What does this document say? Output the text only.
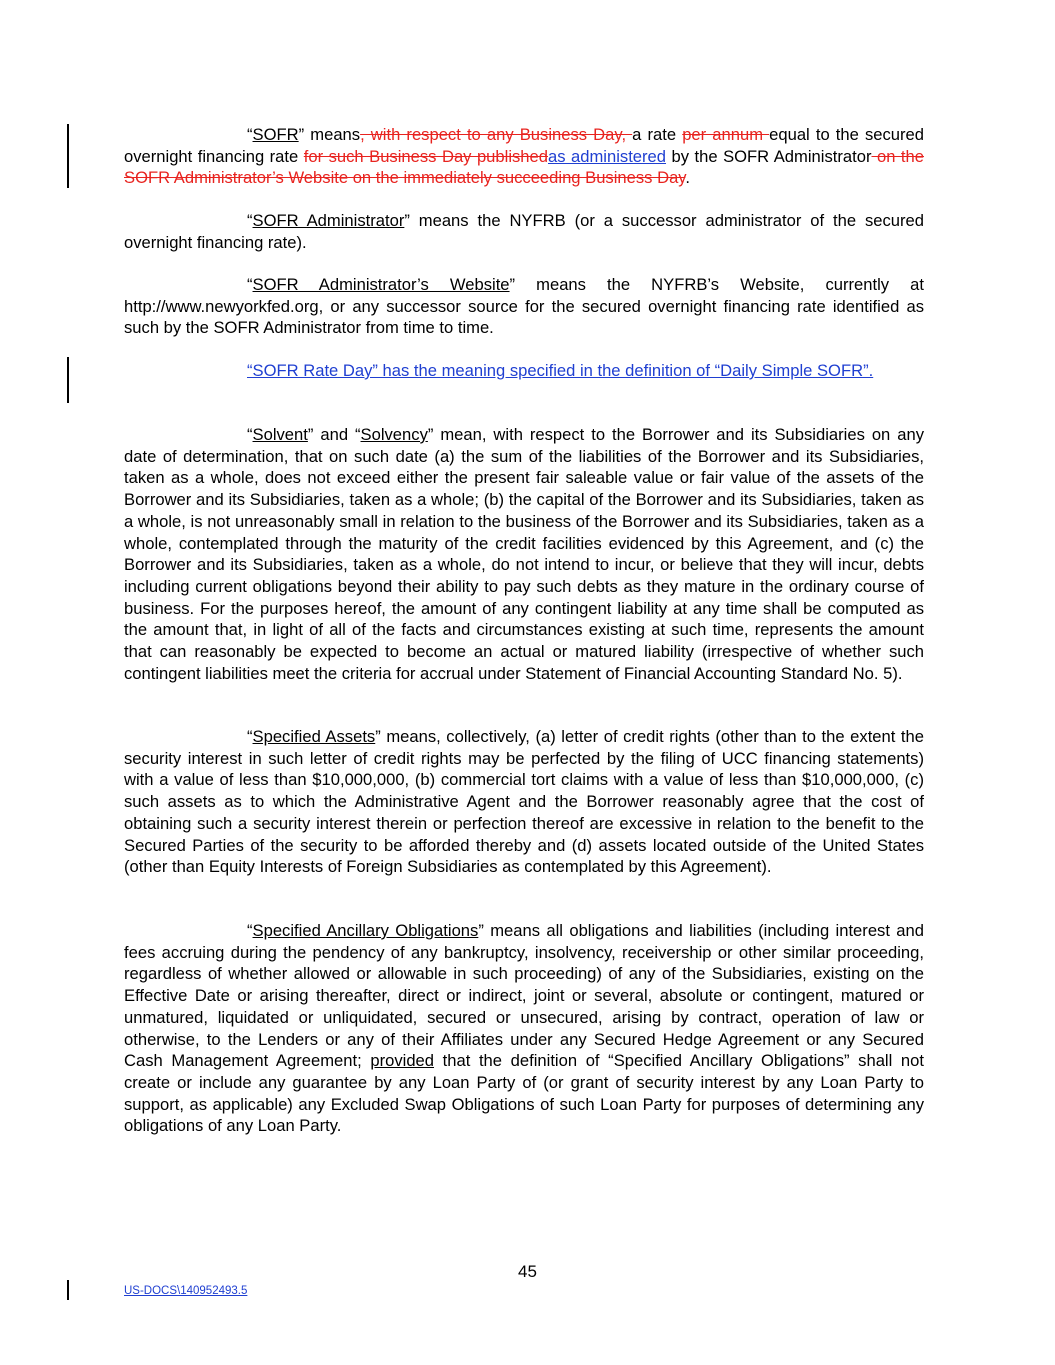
“SOFR” means, with respect to any Business Day, a rate per annum equal to the secured overnight financing rate for such Business Day publishedas administered by the SOFR Administrator on the SOFR Administrator’s Website on the immediately succeeding Business Day.

“SOFR Administrator” means the NYFRB (or a successor administrator of the secured overnight financing rate).

“SOFR Administrator’s Website” means the NYFRB’s Website, currently at http://www.newyorkfed.org, or any successor source for the secured overnight financing rate identified as such by the SOFR Administrator from time to time.

“SOFR Rate Day” has the meaning specified in the definition of “Daily Simple SOFR”.

“Solvent” and “Solvency” mean, with respect to the Borrower and its Subsidiaries on any date of determination, that on such date (a) the sum of the liabilities of the Borrower and its Subsidiaries, taken as a whole, does not exceed either the present fair saleable value or fair value of the assets of the Borrower and its Subsidiaries, taken as a whole; (b) the capital of the Borrower and its Subsidiaries, taken as a whole, is not unreasonably small in relation to the business of the Borrower and its Subsidiaries, taken as a whole, contemplated through the maturity of the credit facilities evidenced by this Agreement, and (c) the Borrower and its Subsidiaries, taken as a whole, do not intend to incur, or believe that they will incur, debts including current obligations beyond their ability to pay such debts as they mature in the ordinary course of business. For the purposes hereof, the amount of any contingent liability at any time shall be computed as the amount that, in light of all of the facts and circumstances existing at such time, represents the amount that can reasonably be expected to become an actual or matured liability (irrespective of whether such contingent liabilities meet the criteria for accrual under Statement of Financial Accounting Standard No. 5).

“Specified Assets” means, collectively, (a) letter of credit rights (other than to the extent the security interest in such letter of credit rights may be perfected by the filing of UCC financing statements) with a value of less than $10,000,000, (b) commercial tort claims with a value of less than $10,000,000, (c) such assets as to which the Administrative Agent and the Borrower reasonably agree that the cost of obtaining such a security interest therein or perfection thereof are excessive in relation to the benefit to the Secured Parties of the security to be afforded thereby and (d) assets located outside of the United States (other than Equity Interests of Foreign Subsidiaries as contemplated by this Agreement).

“Specified Ancillary Obligations” means all obligations and liabilities (including interest and fees accruing during the pendency of any bankruptcy, insolvency, receivership or other similar proceeding, regardless of whether allowed or allowable in such proceeding) of any of the Subsidiaries, existing on the Effective Date or arising thereafter, direct or indirect, joint or several, absolute or contingent, matured or unmatured, liquidated or unliquidated, secured or unsecured, arising by contract, operation of law or otherwise, to the Lenders or any of their Affiliates under any Secured Hedge Agreement or any Secured Cash Management Agreement; provided that the definition of “Specified Ancillary Obligations” shall not create or include any guarantee by any Loan Party of (or grant of security interest by any Loan Party to support, as applicable) any Excluded Swap Obligations of such Loan Party for purposes of determining any obligations of any Loan Party.

45
US-DOCS\140952493.5
